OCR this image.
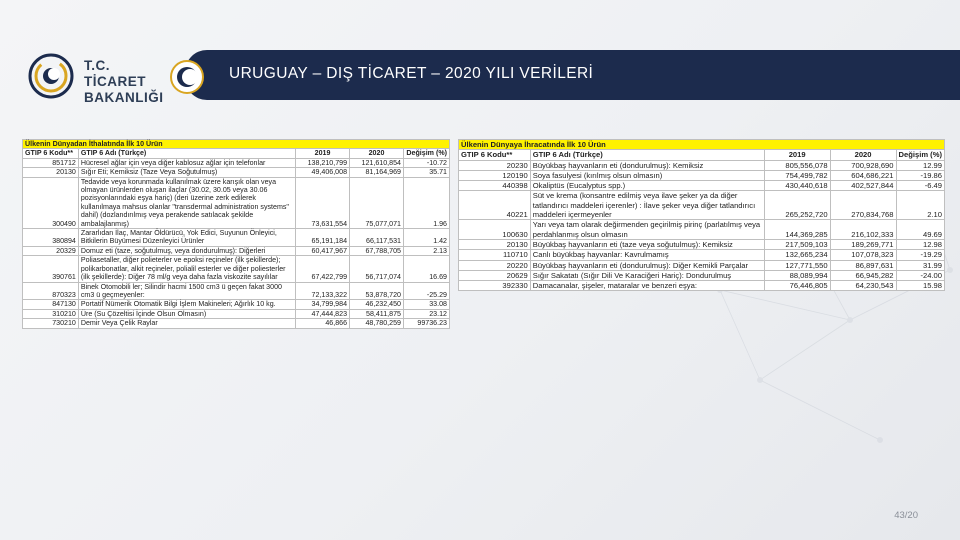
T.C. TİCARET
BAKANLIĞI
URUGUAY – DIŞ TİCARET – 2020 YILI VERİLERİ
Ülkenin Dünyadan İthalatında İlk 10 Ürün				
GTIP 6 Kodu**	GTIP 6 Adı (Türkçe)	2019	2020	Değişim (%)
851712	Hücresel ağlar için veya diğer kablosuz ağlar için telefonlar	138,210,799	121,610,854	-10.72
20130	Sığır Eti; Kemiksiz (Taze Veya Soğutulmuş)	49,406,008	81,164,969	35.71
300490	Tedavide veya korunmada kullanılmak üzere karışık olan veya olmayan ürünlerden oluşan ilaçlar (30.02, 30.05 veya 30.06 pozisyonlarındaki eşya hariç) (deri üzerine zerk edilerek kullanılmaya mahsus olanlar "transdermal administration systems" dahil) (dozlandırılmış veya perakende satılacak şekilde ambalajlanmış)	73,631,554	75,077,071	1.96
380894	Zararlıdan İlaç, Mantar Öldürücü, Yok Edici, Suyunun Önleyici, Bitkilerin Büyümesi Düzenleyici Ürünler	65,191,184	66,117,531	1.42
20329	Domuz eti (taze, soğutulmuş, veya dondurulmuş): Diğerleri	60,417,967	67,788,705	2.13
390761	Poliasetaller, diğer polieterler ve epoksi reçineler (ilk şekillerde); polikarbonatlar, alkit reçineler, polialil esterler ve diğer poliesterler (ilk şekillerde): Diğer 78 ml/g veya daha fazla viskozite sayılılar	67,422,799	56,717,074	16.69
870323	Binek Otomobili ler; Silindir hacmi 1500 cm3 ü geçen fakat 3000 cm3 ü geçmeyenler:	72,133,322	53,878,720	-25.29
847130	Portatif Nümerik Otomatik Bilgi İşlem Makineleri; Ağırlık 10 kg.	34,799,984	46,232,450	33.08
310210	Üre (Su Çözeltisi İçinde Olsun Olmasın)	47,444,823	58,411,875	23.12
730210	Demir Veya Çelik Raylar	46,866	48,780,259	99736.23
Ülkenin Dünyaya İhracatında İlk 10 Ürün				
GTIP 6 Kodu**	GTIP 6 Adı (Türkçe)	2019	2020	Değişim (%)
20230	Büyükbaş hayvanların eti (dondurulmuş): Kemiksiz	805,556,078	700,928,690	12.99
120190	Soya fasulyesi (kırılmış olsun olmasın)	754,499,782	604,686,221	-19.86
440398	Okaliptüs (Eucalyptus spp.)	430,440,618	402,527,844	-6.49
40221	Süt ve krema (konsantre edilmiş veya ilave şeker ya da diğer tatlandırıcı maddeleri içerenler) : İlave şeker veya diğer tatlandırıcı maddeleri içermeyenler	265,252,720	270,834,768	2.10
100630	Yarı veya tam olarak değirmenden geçirilmiş pirinç (parlatılmış veya perdahlanmış olsun olmasın	144,369,285	216,102,333	49.69
20130	Büyükbaş hayvanların eti (taze veya soğutulmuş): Kemiksiz	217,509,103	189,269,771	12.98
110710	Canlı büyükbaş hayvanlar: Kavrulmamış	132,665,234	107,078,323	-19.29
20220	Büyükbaş hayvanların eti (dondurulmuş): Diğer Kemikli Parçalar	127,771,550	86,897,631	31.99
20629	Sığır Sakatatı (Sığır Dili Ve Karaciğeri Hariç): Dondurulmuş	88,089,994	66,945,282	-24.00
392330	Damacanalar, şişeler, mataralar ve benzeri eşya:	76,446,805	64,230,543	15.98
43/20
